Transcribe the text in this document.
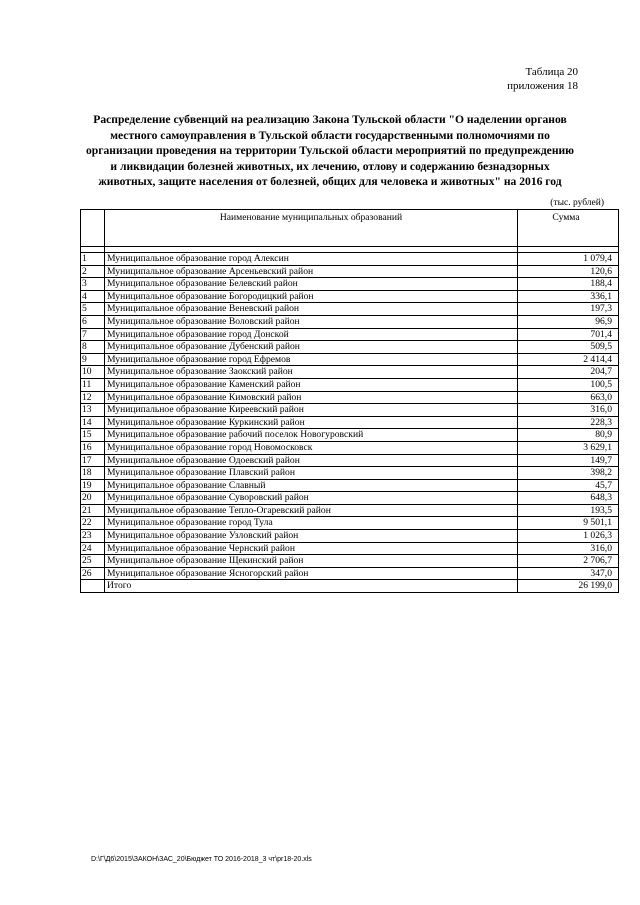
Таблица 20
приложения 18
Распределение субвенций на реализацию Закона Тульской области "О наделении органов
местного самоуправления в Тульской области государственными полномочиями по
организации проведения на территории Тульской области мероприятий по предупреждению
и ликвидации болезней животных, их лечению, отлову и содержанию безнадзорных
животных, защите населения от болезней, общих для человека и животных" на 2016 год
(тыс. рублей)
	Наименование муниципальных образований	Сумма

1	Муниципальное образование город Алексин	1 079,4
2	Муниципальное образование Арсеньевский район	120,6
3	Муниципальное образование Белевский район	188,4
4	Муниципальное образование Богородицкий район	336,1
5	Муниципальное образование Веневский район	197,3
6	Муниципальное образование Воловский район	96,9
7	Муниципальное образование город Донской	701,4
8	Муниципальное образование Дубенский район	509,5
9	Муниципальное образование город Ефремов	2 414,4
10	Муниципальное образование Заокский район	204,7
11	Муниципальное образование Каменский район	100,5
12	Муниципальное образование Кимовский район	663,0
13	Муниципальное образование Киреевский район	316,0
14	Муниципальное образование Куркинский район	228,3
15	Муниципальное образование рабочий поселок Новогуровский	80,9
16	Муниципальное образование город Новомосковск	3 629,1
17	Муниципальное образование Одоевский район	149,7
18	Муниципальное образование Плавский район	398,2
19	Муниципальное образование Славный	45,7
20	Муниципальное образование Суворовский район	648,3
21	Муниципальное образование Тепло-Огаревский район	193,5
22	Муниципальное образование город Тула	9 501,1
23	Муниципальное образование Узловский район	1 026,3
24	Муниципальное образование Чернский район	316,0
25	Муниципальное образование Щекинский район	2 706,7
26	Муниципальное образование Ясногорский район	347,0
	Итого	26 199,0
D:\Г\Д6\2015\ЗАКОН\ЗАС_20\Бюджет ТО 2016-2018_3 чт\pr18-20.xls
